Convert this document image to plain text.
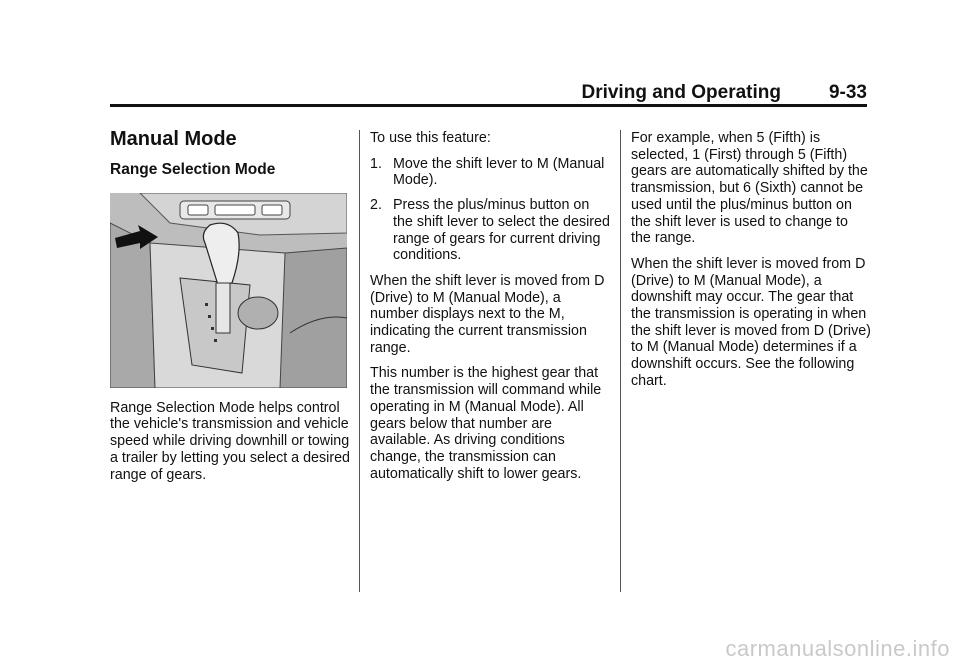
Driving and Operating	9-33
Manual Mode
Range Selection Mode

Range Selection Mode helps control the vehicle's transmission and vehicle speed while driving downhill or towing a trailer by letting you select a desired range of gears.

To use this feature:

1. Move the shift lever to M (Manual Mode).
2. Press the plus/minus button on the shift lever to select the desired range of gears for current driving conditions.

When the shift lever is moved from D (Drive) to M (Manual Mode), a number displays next to the M, indicating the current transmission range.

This number is the highest gear that the transmission will command while operating in M (Manual Mode). All gears below that number are available. As driving conditions change, the transmission can automatically shift to lower gears.

For example, when 5 (Fifth) is selected, 1 (First) through 5 (Fifth) gears are automatically shifted by the transmission, but 6 (Sixth) cannot be used until the plus/minus button on the shift lever is used to change to the range.

When the shift lever is moved from D (Drive) to M (Manual Mode), a downshift may occur. The gear that the transmission is operating in when the shift lever is moved from D (Drive) to M (Manual Mode) determines if a downshift occurs. See the following chart.

carmanualsonline.info
